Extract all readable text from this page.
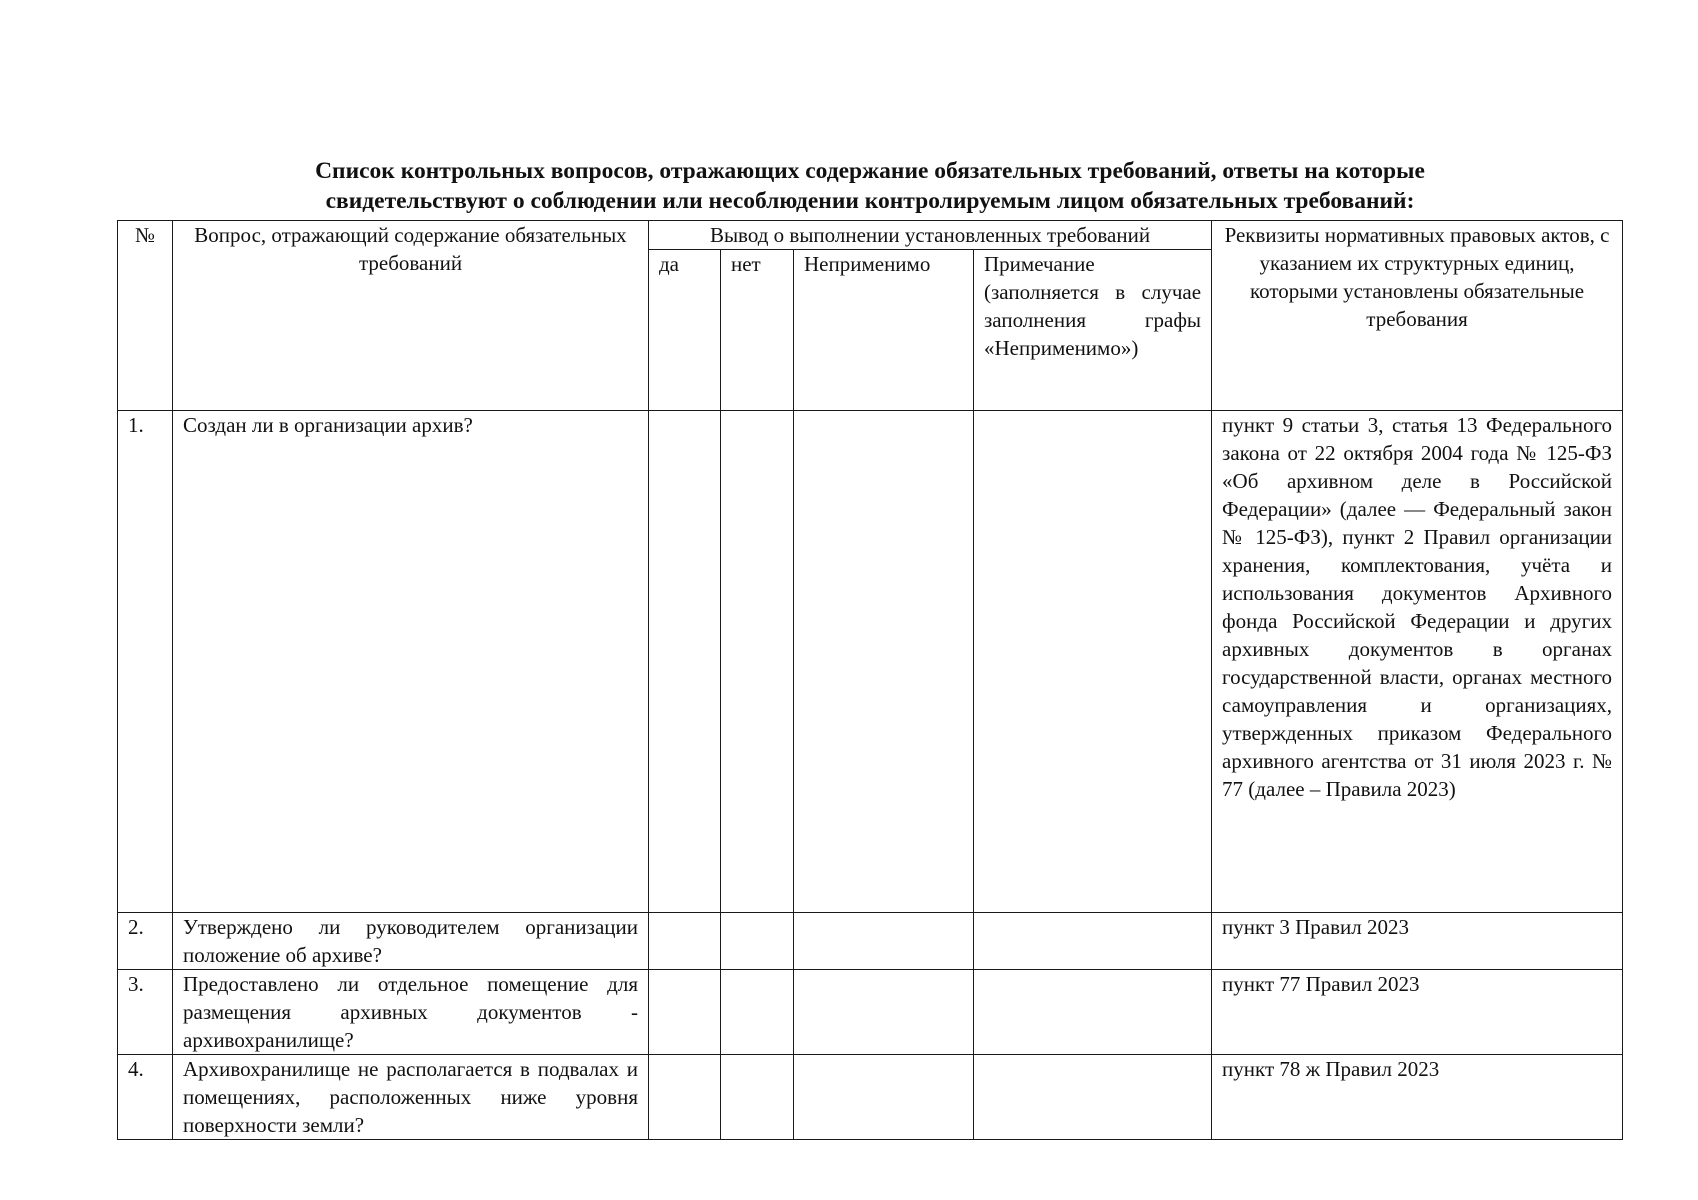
Список контрольных вопросов, отражающих содержание обязательных требований, ответы на которые
свидетельствуют о соблюдении или несоблюдении контролируемым лицом обязательных требований:
№	Вопрос, отражающий содержание обязательных требований	Вывод о выполнении установленных требований				Реквизиты нормативных правовых актов, с указанием их структурных единиц, которыми установлены обязательные требования
		да	нет	Неприменимо	Примечание (заполняется в случае заполнения графы «Неприменимо»)	
1.	Создан ли в организации архив?					пункт 9 статьи 3, статья 13 Федерального закона от 22 октября 2004 года № 125-ФЗ «Об архивном деле в Российской Федерации» (далее — Федеральный закон № 125-ФЗ), пункт 2 Правил организации хранения, комплектования, учёта и использования документов Архивного фонда Российской Федерации и других архивных документов в органах государственной власти, органах местного самоуправления и организациях, утвержденных приказом Федерального архивного агентства от 31 июля 2023 г. № 77 (далее – Правила 2023)
2.	Утверждено ли руководителем организации положение об архиве?					пункт 3 Правил 2023
3.	Предоставлено ли отдельное помещение для размещения архивных документов - архивохранилище?					пункт 77 Правил 2023
4.	Архивохранилище не располагается в подвалах и помещениях, расположенных ниже уровня поверхности земли?					пункт 78 ж Правил 2023
